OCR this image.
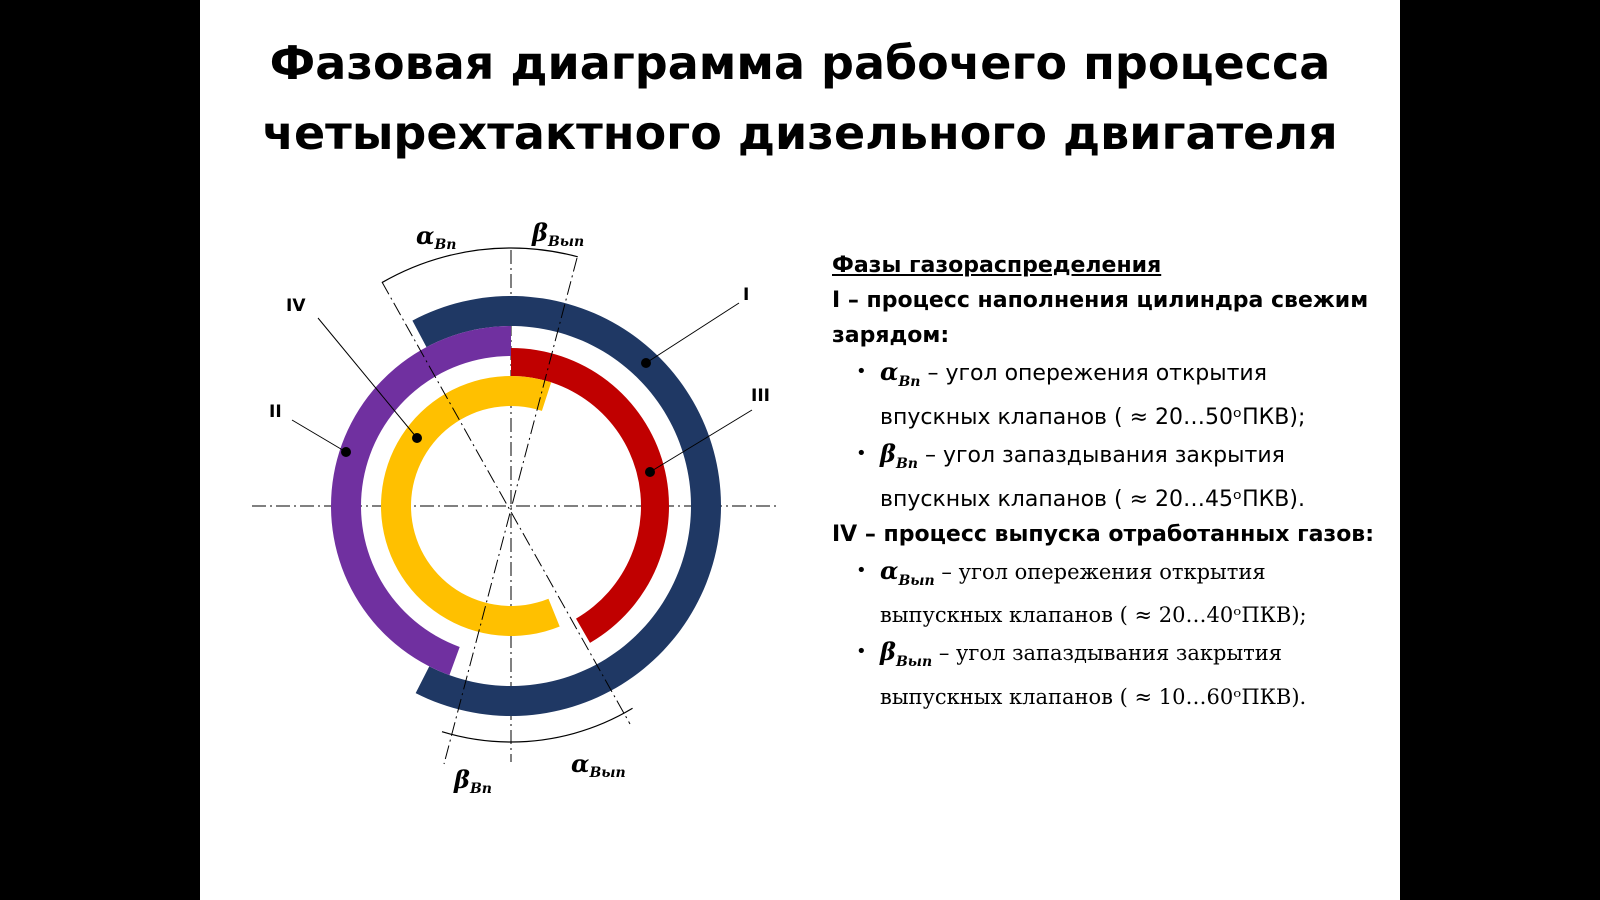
Фазовая диаграмма рабочего процесса
четырехтактного дизельного двигателя
I
II
III
IV
αВп	βВып
βВп
αВып
Фазы газораспределения
I – процесс наполнения цилиндра свежим
зарядом:
• $\alpha_{Вп}$ – угол опережения открытия
впускных клапанов ( ≈ 20…50ᵒПКВ);
• $\beta_{Вп}$ – угол запаздывания закрытия
впускных клапанов ( ≈ 20…45ᵒПКВ).
IV – процесс выпуска отработанных газов:
• $\alpha_{Вып}$ – угол опережения открытия
выпускных клапанов ( ≈ 20…40ᵒПКВ);
• $\beta_{Вып}$ – угол запаздывания закрытия
выпускных клапанов ( ≈ 10…60ᵒПКВ).
